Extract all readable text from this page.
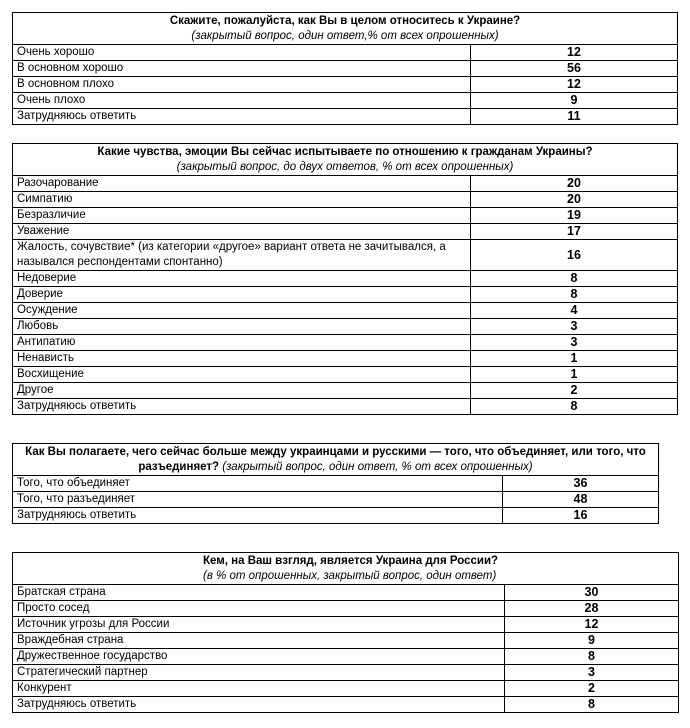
Скажите, пожалуйста, как Вы в целом относитесь к Украине?
(закрытый вопрос, один ответ,% от всех опрошенных)	

Очень хорошо	12
В основном хорошо	56
В основном плохо	12
Очень плохо	9
Затрудняюсь ответить	11
Какие чувства, эмоции Вы сейчас испытываете по отношению к гражданам Украины?
(закрытый вопрос, до двух ответов, % от всех опрошенных)	

Разочарование	20
Симпатию	20
Безразличие	19
Уважение	17
Жалость, сочувствие* (из категории «другое» вариант ответа не зачитывался, а назывался респондентами спонтанно)	16
Недоверие	8
Доверие	8
Осуждение	4
Любовь	3
Антипатию	3
Ненависть	1
Восхищение	1
Другое	2
Затрудняюсь ответить	8
Как Вы полагаете, чего сейчас больше между украинцами и русскими — того, что объединяет, или того, что разъединяет? (закрытый вопрос, один ответ, % от всех опрошенных)	
Того, что объединяет	36
Того, что разъединяет	48
Затрудняюсь ответить	16
Кем, на Ваш взгляд, является Украина для России?
(в % от опрошенных, закрытый вопрос, один ответ)	

Братская страна	30
Просто сосед	28
Источник угрозы для России	12
Враждебная страна	9
Дружественное государство	8
Стратегический партнер	3
Конкурент	2
Затрудняюсь ответить	8
